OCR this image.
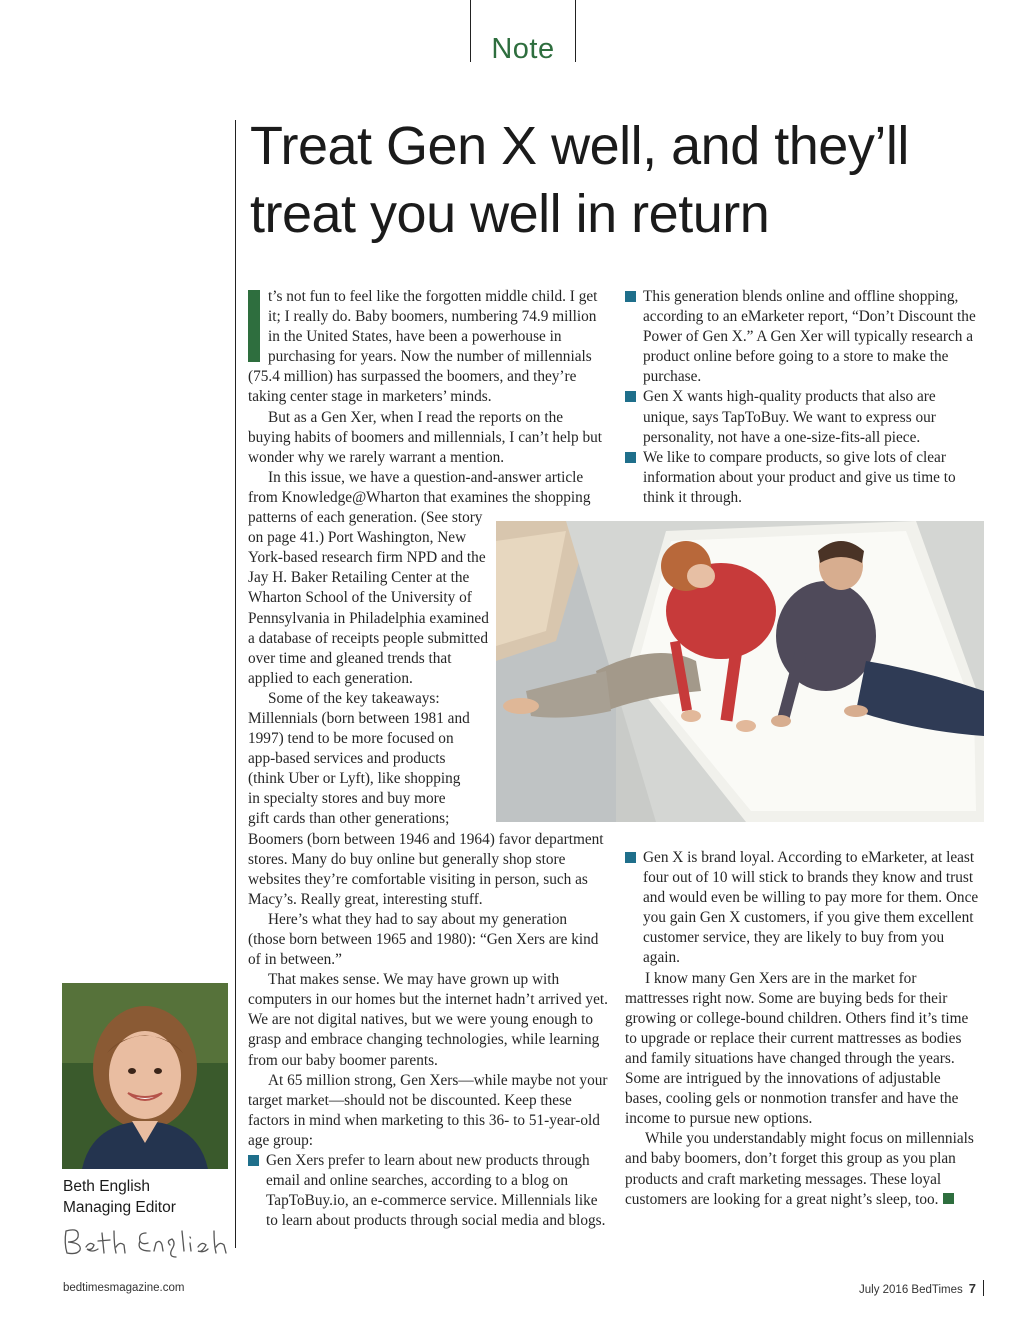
Note
Treat Gen X well, and they’ll
treat you well in return

t’s not fun to feel like the forgotten middle child. I get it; I really do. Baby boomers, numbering 74.9 million in the United States, have been a powerhouse in purchasing for years. Now the number of millennials (75.4 million) has surpassed the boomers, and they’re taking center stage in marketers’ minds.

But as a Gen Xer, when I read the reports on the buying habits of boomers and millennials, I can’t help but wonder why we rarely warrant a mention.

In this issue, we have a question-and-answer article from Knowledge@Wharton that examines the shopping

patterns of each generation. (See story on page 41.) Port Washington, New York-based research firm NPD and the Jay H. Baker Retailing Center at the Wharton School of the University of Pennsylvania in Philadelphia examined a database of receipts people submitted over time and gleaned trends that applied to each generation.

Some of the key takeaways: Millennials (born between 1981 and 1997) tend to be more focused on app-based services and products (think Uber or Lyft), like shopping in specialty stores and buy more gift cards than other generations;

Boomers (born between 1946 and 1964) favor department stores. Many do buy online but generally shop store websites they’re comfortable visiting in person, such as Macy’s. Really great, interesting stuff.

Here’s what they had to say about my generation (those born between 1965 and 1980): “Gen Xers are kind of in between.”

That makes sense. We may have grown up with computers in our homes but the internet hadn’t arrived yet. We are not digital natives, but we were young enough to grasp and embrace changing technologies, while learning from our baby boomer parents.

At 65 million strong, Gen Xers—while maybe not your target market—should not be discounted. Keep these factors in mind when marketing to this 36- to 51-year-old age group:

Gen Xers prefer to learn about new products through email and online searches, according to a blog on TapToBuy.io, an e-commerce service. Millennials like to learn about products through social media and blogs.

This generation blends online and offline shopping, according to an eMarketer report, “Don’t Discount the Power of Gen X.” A Gen Xer will typically research a product online before going to a store to make the purchase.

Gen X wants high-quality products that also are unique, says TapToBuy. We want to express our personality, not have a one-size-fits-all piece.

We like to compare products, so give lots of clear information about your product and give us time to think it through.

Gen X is brand loyal. According to eMarketer, at least four out of 10 will stick to brands they know and trust and would even be willing to pay more for them. Once you gain Gen X customers, if you give them excellent customer service, they are likely to buy from you again.

I know many Gen Xers are in the market for mattresses right now. Some are buying beds for their growing or college-bound children. Others find it’s time to upgrade or replace their current mattresses as bodies and family situations have changed through the years. Some are intrigued by the innovations of adjustable bases, cooling gels or nonmotion transfer and have the income to pursue new options.

While you understandably might focus on millennials and baby boomers, don’t forget this group as you plan products and craft marketing messages. These loyal customers are looking for a great night’s sleep, too.

Beth English
Managing Editor
bedtimesmagazine.com	July 2016 BedTimes 7
